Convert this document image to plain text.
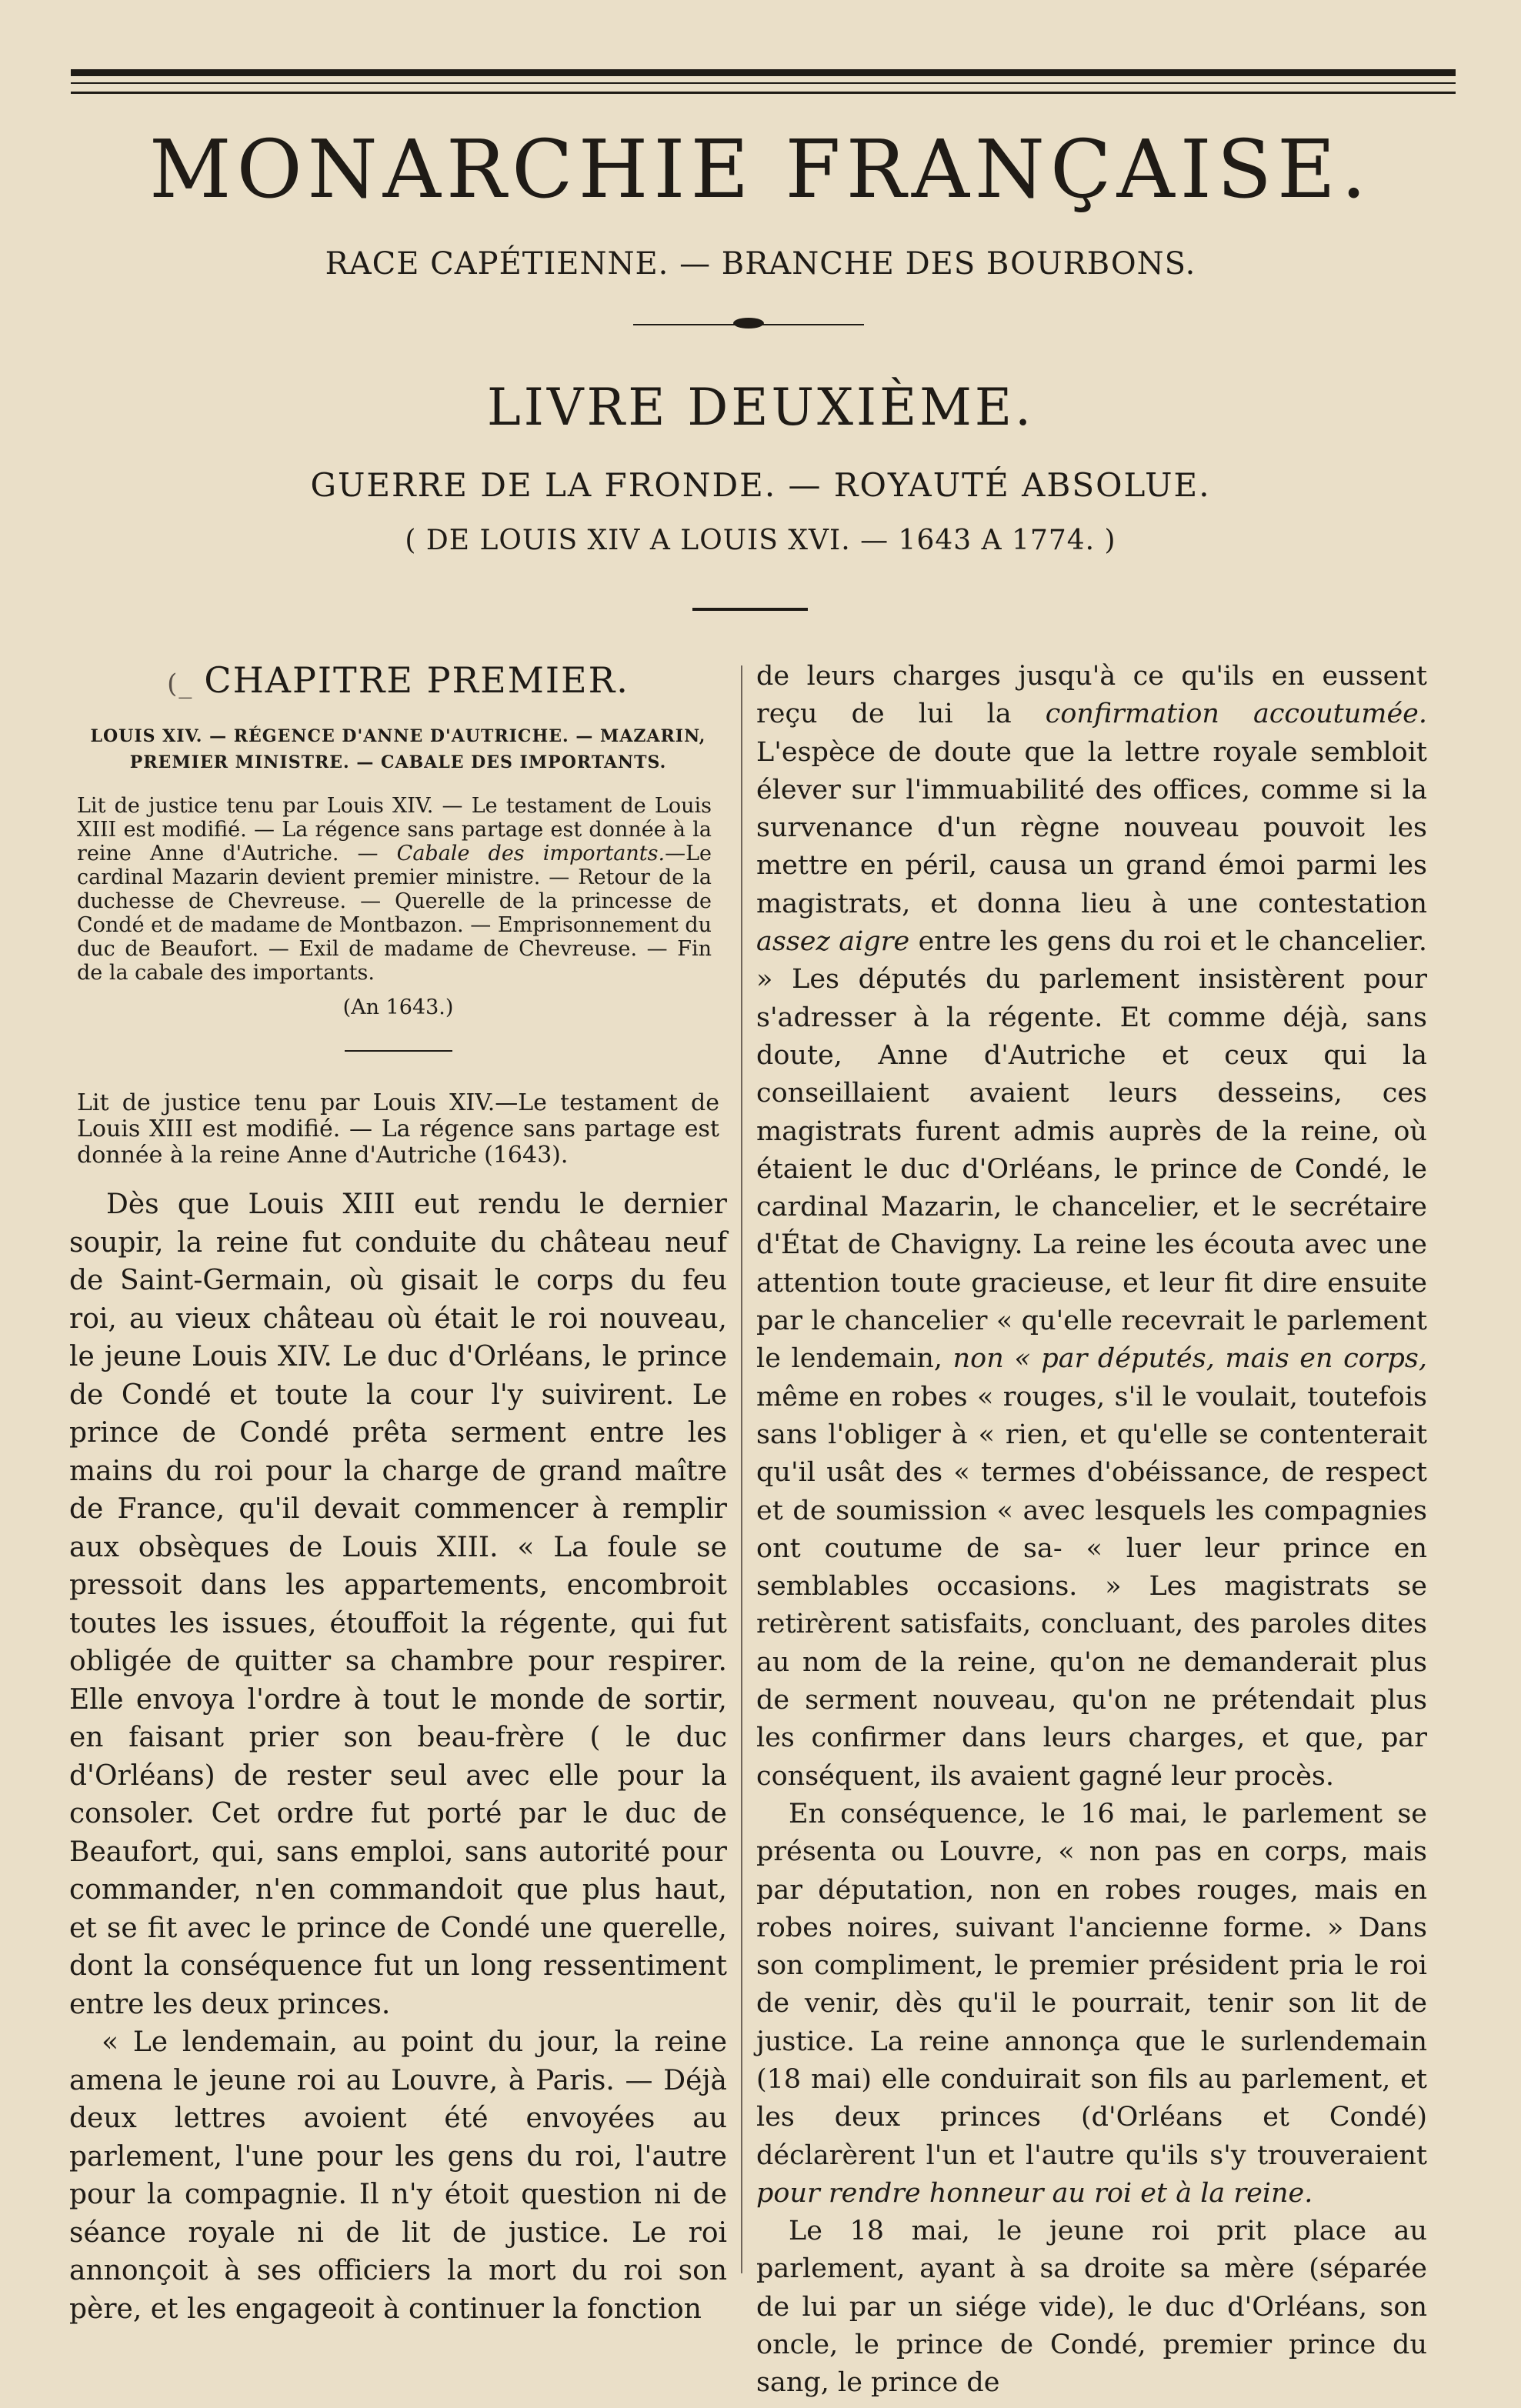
MONARCHIE FRANÇAISE.
RACE CAPÉTIENNE. — BRANCHE DES BOURBONS.
LIVRE DEUXIÈME.
GUERRE DE LA FRONDE. — ROYAUTÉ ABSOLUE.
( DE LOUIS XIV A LOUIS XVI. — 1643 A 1774. )
(_ CHAPITRE PREMIER.
LOUIS XIV. — RÉGENCE D'ANNE D'AUTRICHE. — MAZARIN, PREMIER MINISTRE. — CABALE DES IMPORTANTS.
Lit de justice tenu par Louis XIV. — Le testament de Louis XIII est modifié. — La régence sans partage est donnée à la reine Anne d'Autriche. — Cabale des importants.—Le cardinal Mazarin devient premier ministre. — Retour de la duchesse de Chevreuse. — Querelle de la princesse de Condé et de madame de Montbazon. — Emprisonnement du duc de Beaufort. — Exil de madame de Chevreuse. — Fin de la cabale des importants.
(An 1643.)
Lit de justice tenu par Louis XIV.—Le testament de Louis XIII est modifié. — La régence sans partage est donnée à la reine Anne d'Autriche (1643).

Dès que Louis XIII eut rendu le dernier soupir, la reine fut conduite du château neuf de Saint-Germain, où gisait le corps du feu roi, au vieux château où était le roi nouveau, le jeune Louis XIV. Le duc d'Orléans, le prince de Condé et toute la cour l'y suivirent. Le prince de Condé prêta serment entre les mains du roi pour la charge de grand maître de France, qu'il devait commencer à remplir aux obsèques de Louis XIII. « La foule se pressoit dans les appartements, encombroit toutes les issues, étouffoit la régente, qui fut obligée de quitter sa chambre pour respirer. Elle envoya l'ordre à tout le monde de sortir, en faisant prier son beau-frère ( le duc d'Orléans) de rester seul avec elle pour la consoler. Cet ordre fut porté par le duc de Beaufort, qui, sans emploi, sans autorité pour commander, n'en commandoit que plus haut, et se fit avec le prince de Condé une querelle, dont la conséquence fut un long ressentiment entre les deux princes.

« Le lendemain, au point du jour, la reine amena le jeune roi au Louvre, à Paris. — Déjà deux lettres avoient été envoyées au parlement, l'une pour les gens du roi, l'autre pour la compagnie. Il n'y étoit question ni de séance royale ni de lit de justice. Le roi annonçoit à ses officiers la mort du roi son père, et les engageoit à continuer la fonction

de leurs charges jusqu'à ce qu'ils en eussent reçu de lui la confirmation accoutumée. L'espèce de doute que la lettre royale sembloit élever sur l'immuabilité des offices, comme si la survenance d'un règne nouveau pouvoit les mettre en péril, causa un grand émoi parmi les magistrats, et donna lieu à une contestation assez aigre entre les gens du roi et le chancelier. » Les députés du parlement insistèrent pour s'adresser à la régente. Et comme déjà, sans doute, Anne d'Autriche et ceux qui la conseillaient avaient leurs desseins, ces magistrats furent admis auprès de la reine, où étaient le duc d'Orléans, le prince de Condé, le cardinal Mazarin, le chancelier, et le secrétaire d'État de Chavigny. La reine les écouta avec une attention toute gracieuse, et leur fit dire ensuite par le chancelier « qu'elle recevrait le parlement le lendemain, non « par députés, mais en corps, même en robes « rouges, s'il le voulait, toutefois sans l'obliger à « rien, et qu'elle se contenterait qu'il usât des « termes d'obéissance, de respect et de soumission « avec lesquels les compagnies ont coutume de sa- « luer leur prince en semblables occasions. » Les magistrats se retirèrent satisfaits, concluant, des paroles dites au nom de la reine, qu'on ne demanderait plus de serment nouveau, qu'on ne prétendait plus les confirmer dans leurs charges, et que, par conséquent, ils avaient gagné leur procès.

En conséquence, le 16 mai, le parlement se présenta ou Louvre, « non pas en corps, mais par députation, non en robes rouges, mais en robes noires, suivant l'ancienne forme. » Dans son compliment, le premier président pria le roi de venir, dès qu'il le pourrait, tenir son lit de justice. La reine annonça que le surlendemain (18 mai) elle conduirait son fils au parlement, et les deux princes (d'Orléans et Condé) déclarèrent l'un et l'autre qu'ils s'y trouveraient pour rendre honneur au roi et à la reine.

Le 18 mai, le jeune roi prit place au parlement, ayant à sa droite sa mère (séparée de lui par un siége vide), le duc d'Orléans, son oncle, le prince de Condé, premier prince du sang, le prince de
